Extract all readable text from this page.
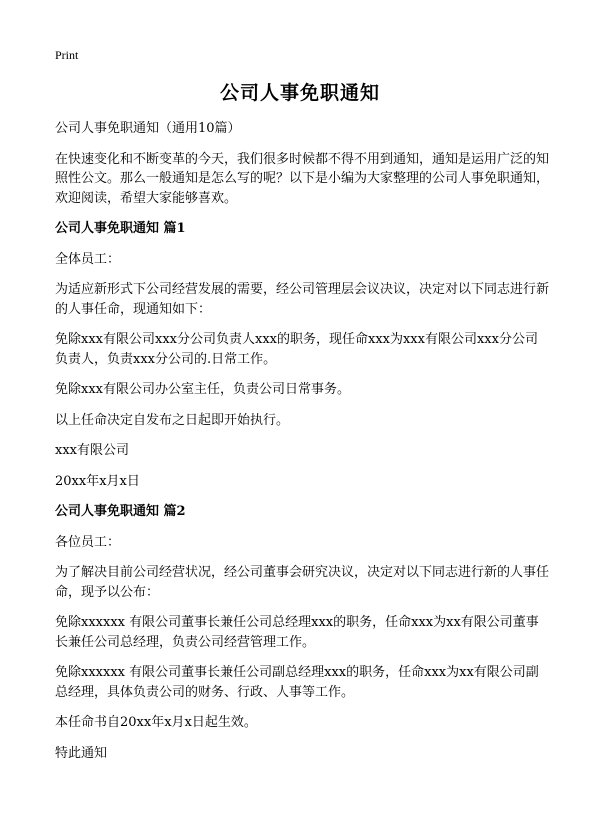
Print
公司人事免职通知

公司人事免职通知（通用10篇）

在快速变化和不断变革的今天，我们很多时候都不得不用到通知，通知是运用广泛的知照性公文。那么一般通知是怎么写的呢？以下是小编为大家整理的公司人事免职通知，欢迎阅读，希望大家能够喜欢。

公司人事免职通知 篇1

全体员工：

为适应新形式下公司经营发展的需要，经公司管理层会议决议，决定对以下同志进行新的人事任命，现通知如下：

免除xxx有限公司xxx分公司负责人xxx的职务，现任命xxx为xxx有限公司xxx分公司负责人，负责xxx分公司的.日常工作。

免除xxx有限公司办公室主任，负责公司日常事务。

以上任命决定自发布之日起即开始执行。

xxx有限公司

20xx年x月x日

公司人事免职通知 篇2

各位员工：

为了解决目前公司经营状况，经公司董事会研究决议，决定对以下同志进行新的人事任命，现予以公布：

免除xxxxxx 有限公司董事长兼任公司总经理xxx的职务，任命xxx为xx有限公司董事长兼任公司总经理，负责公司经营管理工作。

免除xxxxxx 有限公司董事长兼任公司副总经理xxx的职务，任命xxx为xx有限公司副总经理，具体负责公司的财务、行政、人事等工作。

本任命书自20xx年x月x日起生效。

特此通知
